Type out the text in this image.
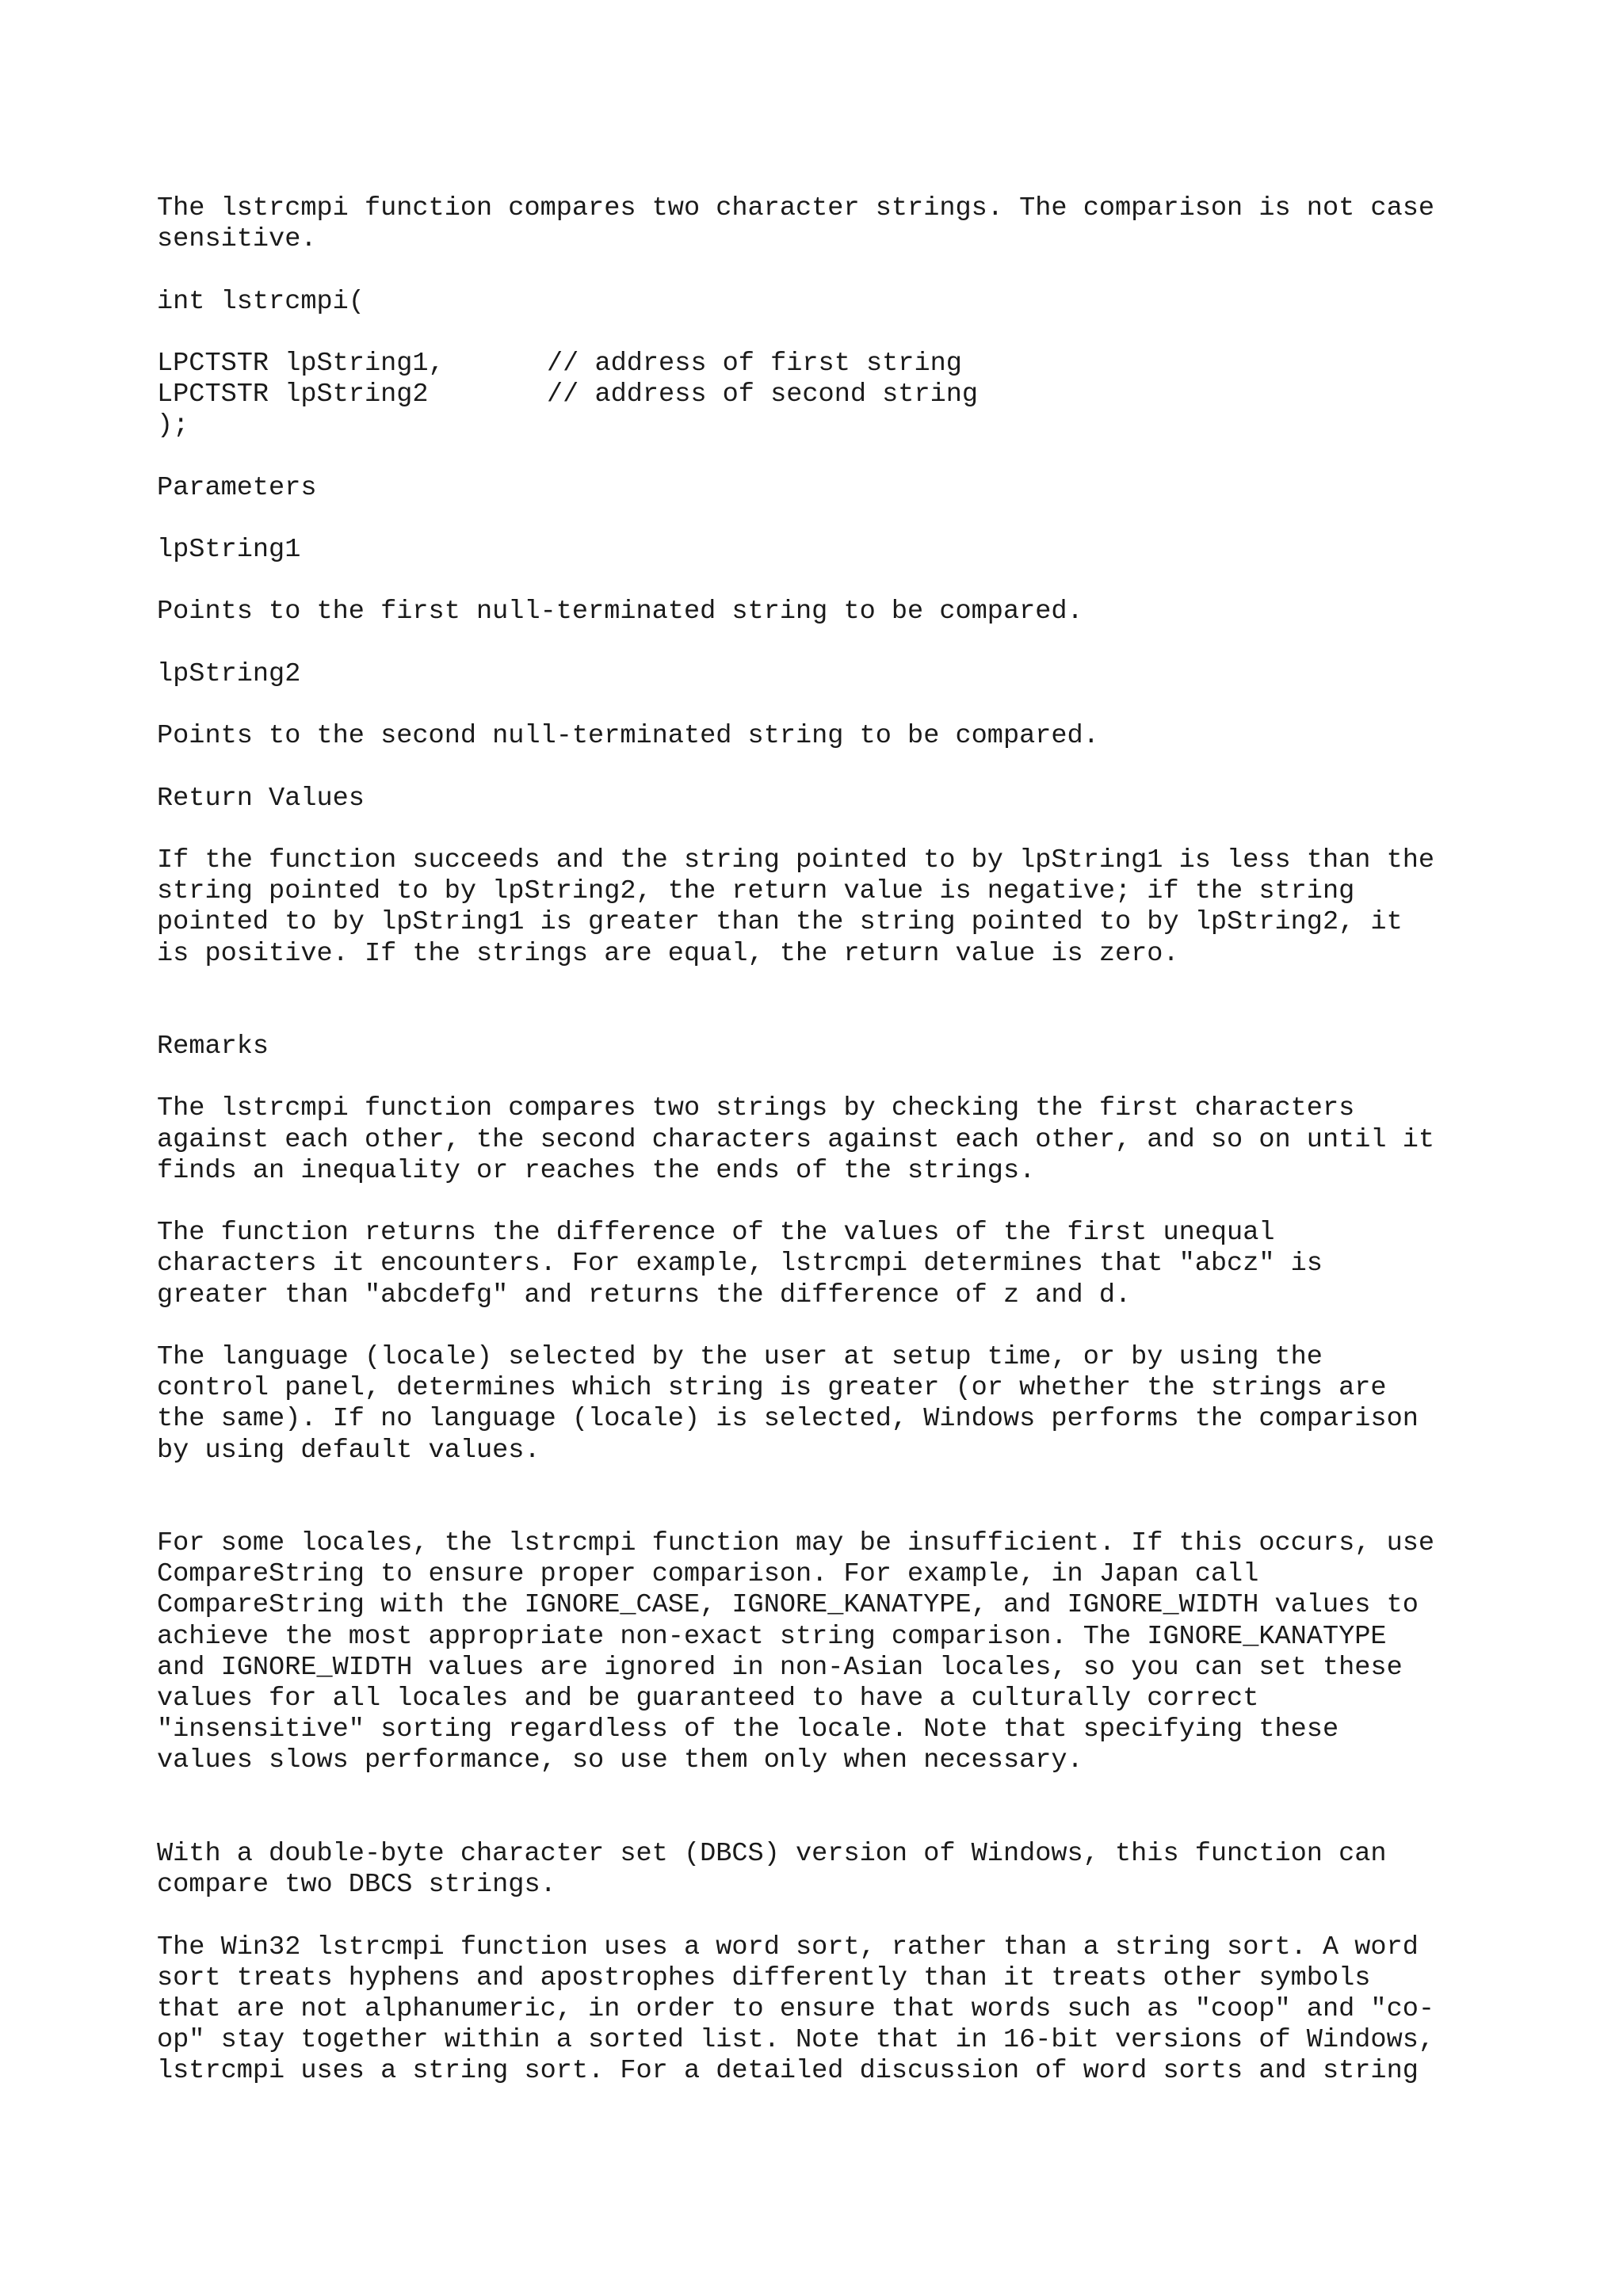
The lstrcmpi function compares two character strings. The comparison is not case
sensitive.
int lstrcmpi(
LPCTSTR lpString1,	// address of first string
LPCTSTR lpString2	// address of second string
);
Parameters
lpString1
Points to the first null-terminated string to be compared.
lpString2
Points to the second null-terminated string to be compared.
Return Values
If the function succeeds and the string pointed to by lpString1 is less than the
string pointed to by lpString2, the return value is negative; if the string
pointed to by lpString1 is greater than the string pointed to by lpString2, it
is positive. If the strings are equal, the return value is zero.
Remarks
The lstrcmpi function compares two strings by checking the first characters
against each other, the second characters against each other, and so on until it
finds an inequality or reaches the ends of the strings.
The function returns the difference of the values of the first unequal
characters it encounters. For example, lstrcmpi determines that "abcz" is
greater than "abcdefg" and returns the difference of z and d.
The language (locale) selected by the user at setup time, or by using the
control panel, determines which string is greater (or whether the strings are
the same). If no language (locale) is selected, Windows performs the comparison
by using default values.
For some locales, the lstrcmpi function may be insufficient. If this occurs, use
CompareString to ensure proper comparison. For example, in Japan call
CompareString with the IGNORE_CASE, IGNORE_KANATYPE, and IGNORE_WIDTH values to
achieve the most appropriate non-exact string comparison. The IGNORE_KANATYPE
and IGNORE_WIDTH values are ignored in non-Asian locales, so you can set these
values for all locales and be guaranteed to have a culturally correct
"insensitive" sorting regardless of the locale. Note that specifying these
values slows performance, so use them only when necessary.
With a double-byte character set (DBCS) version of Windows, this function can
compare two DBCS strings.
The Win32 lstrcmpi function uses a word sort, rather than a string sort. A word
sort treats hyphens and apostrophes differently than it treats other symbols
that are not alphanumeric, in order to ensure that words such as "coop" and "co-
op" stay together within a sorted list. Note that in 16-bit versions of Windows,
lstrcmpi uses a string sort. For a detailed discussion of word sorts and string
